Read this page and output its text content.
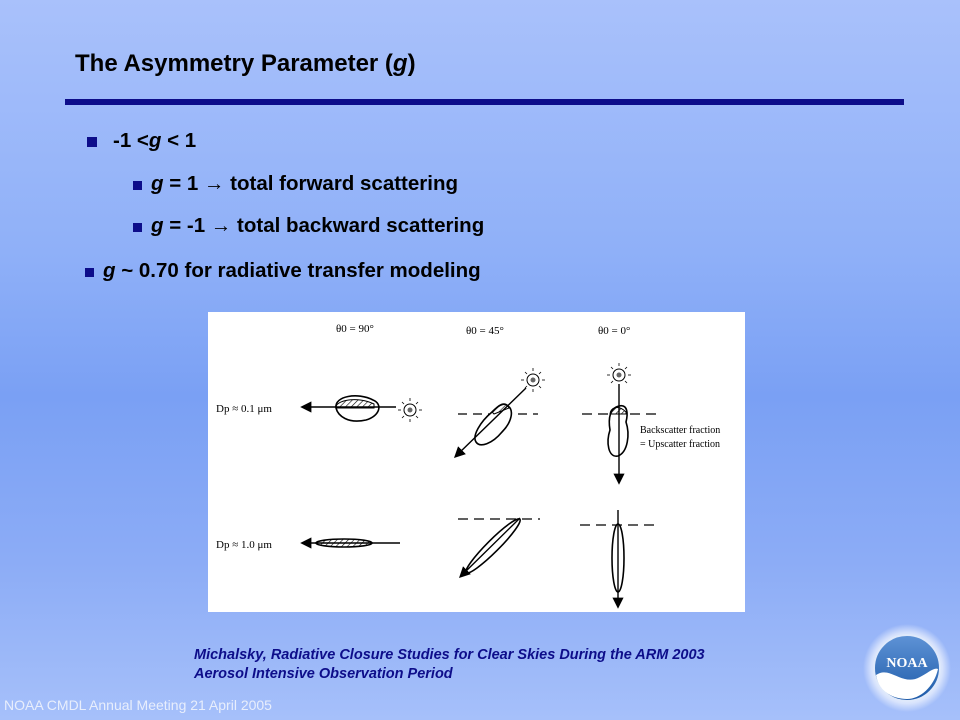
The Asymmetry Parameter (g)
-1 < g < 1
g = 1 → total forward scattering
g = -1 → total backward scattering
g ~ 0.70 for radiative transfer modeling
θ0 = 90°	θ0 = 45°	θ0 = 0°
Dp ≈ 0.1 μm
Dp ≈ 1.0 μm
Backscatter fraction
= Upscatter fraction
Michalsky, Radiative Closure Studies for Clear Skies During the ARM 2003
Aerosol Intensive Observation Period
NOAA CMDL Annual Meeting 21 April 2005
NOAA
